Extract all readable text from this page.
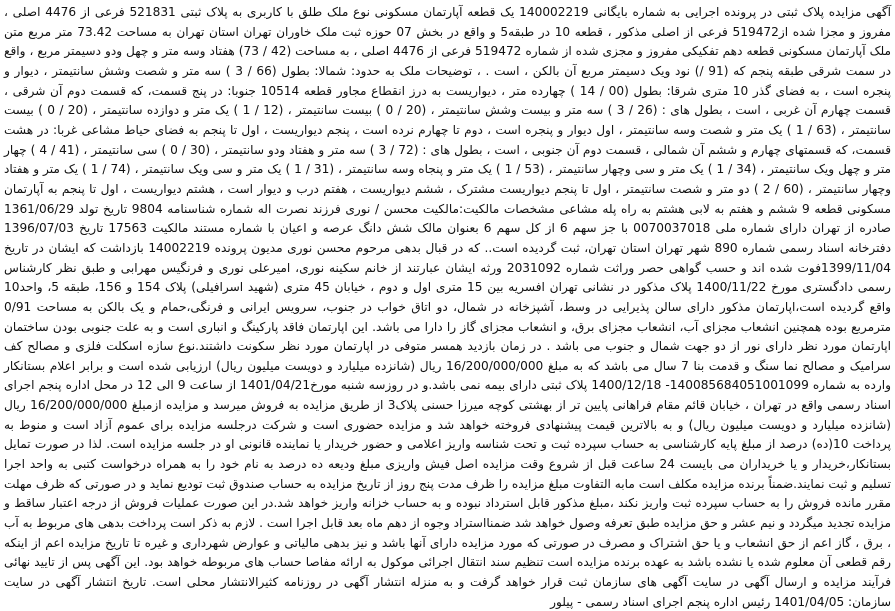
آگهی مزایده پلاک ثبتی در پرونده اجرایی به شماره بایگانی 140002219 یک قطعه آپارتمان مسکونی نوع ملک طلق با کاربری به پلاک ثبتی 521831 فرعی از 4476 اصلی ، مفروز و مجزا شده از519472 فرعی از اصلی مذکور ، قطعه 10 در طبقه5 و واقع در بخش 07 حوزه ثبت ملک خاوران تهران استان تهران به مساحت 73.42 متر مربع متن ملک آپارتمان مسکونی قطعه دهم تفکیکی مفروز و مجزی شده از شماره 519472 فرعی از 4476 اصلی ، به مساحت (42 / 73) هفتاد وسه متر و چهل ودو دسیمتر مربع ، واقع در سمت شرقی طبقه پنجم که (91 /) نود ویک دسیمتر مربع آن بالکن ، است . ، توضیحات ملک به حدود: شمالا: بطول (66 / 3 ) سه متر و شصت وشش سانتیمتر ، دیوار و پنجره است ، به فضای گذر 10 متری شرقا: بطول (00 / 14 ) چهارده متر ، دیواریست به درز انقطاع مجاور قطعه 10514 جنوبا: در پنج قسمت، که قسمت دوم آن شرقی ، قسمت چهارم آن غربی ، است ، بطول های : (26 / 3 ) سه متر و بیست وشش سانتیمتر ، (20 / 0 ) بیست سانتیمتر ، (12 / 1 ) یک متر و دوازده سانتیمتر ، (20 / 0 ) بیست سانتیمتر ، (63 / 1 ) یک متر و شصت وسه سانتیمتر ، اول دیوار و پنجره است ، دوم تا چهارم نرده است ، پنجم دیواریست ، اول تا پنجم به فضای حیاط مشاعی غربا: در هشت قسمت، که قسمتهای چهارم و ششم آن شمالی ، قسمت دوم آن جنوبی ، است ، بطول های : (72 / 3 ) سه متر و هفتاد ودو سانتیمتر ، (30 / 0 ) سی سانتیمتر ، (41 / 4 ) چهار متر و چهل ویک سانتیمتر ، (34 / 1 ) یک متر و سی وچهار سانتیمتر ، (53 / 1 ) یک متر و پنجاه وسه سانتیمتر ، (31 / 1 ) یک متر و سی ویک سانتیمتر ، (74 / 1 ) یک متر و هفتاد وچهار سانتیمتر ، (60 / 2 ) دو متر و شصت سانتیمتر ، اول تا پنجم دیواریست مشترک ، ششم دیواریست ، هفتم درب و دیوار است ، هشتم دیواریست ، اول تا پنجم به آپارتمان مسکونی قطعه 9 ششم و هفتم به لابی هشتم به راه پله مشاعی مشخصات مالکیت:مالکیت محسن / نوری فرزند نصرت اله شماره شناسنامه 9804 تاریخ تولد 1361/06/29 صادره از تهران دارای شماره ملی 0070037018 با جز سهم 6 از کل سهم 6 بعنوان مالک شش دانگ عرصه و اعیان با شماره مستند مالکیت 17563 تاریخ 1396/07/03 دفترخانه اسناد رسمی شماره 890 شهر تهران استان تهران، ثبت گردیده است.. که در قبال بدهی مرحوم محسن نوری مدیون پرونده 14002219 بازداشت که ایشان در تاریخ 1399/11/04فوت شده اند و حسب گواهی حصر وراثت شماره 2031092 ورثه ایشان عبارتند از خانم سکینه نوری، امیرعلی نوری و فرنگیس مهرابی و طبق نظر کارشناس رسمی دادگستری مورخ 1400/11/22 پلاک مذکور در نشانی تهران افسریه بین 15 متری اول و دوم ، خیابان 45 متری (شهید اسرافیلی) پلاک 154 و 156، طبقه 5، واحد10 واقع گردیده است،اپارتمان مذکور دارای سالن پذیرایی در وسط، آشپزخانه در شمال، دو اتاق خواب در جنوب، سرویس ایرانی و فرنگی،حمام و یک بالکن به مساحت 0/91 مترمربع بوده همچنین انشعاب مجزای آب، انشعاب مجزای برق، و انشعاب مجزای گاز را دارا می باشد. این اپارتمان فاقد پارکینگ و انباری است و به علت جنوبی بودن ساختمان اپارتمان مورد نظر دارای نور از دو جهت شمال و جنوب می باشد . در زمان بازدید همسر متوفی در اپارتمان مورد نظر سکونت داشتند.نوع سازه اسکلت فلزی و مصالح کف سرامیک و مصالح نما سنگ و قدمت بنا 7 سال می باشد که به مبلغ 16/200/000/000 ریال (شانزده میلیارد و دویست میلیون ریال) ارزیابی شده است و برابر اعلام بستانکار وارده به شماره 140085684051001099- 1400/12/18 پلاک ثبتی دارای بیمه نمی باشد.و در روزسه شنبه مورخ1401/04/21 از ساعت 9 الی 12 در محل اداره پنجم اجرای اسناد رسمی واقع در تهران ، خیابان قائم مقام فراهانی پایین تر از بهشتی کوچه میرزا حسنی پلاک3 از طریق مزایده به فروش میرسد و مزایده ازمبلغ 16/200/000/000 ریال (شانزده میلیارد و دویست میلیون ریال) و به بالاترین قیمت پیشنهادی فروخته خواهد شد و مزایده حضوری است و شرکت درجلسه مزایده برای عموم آزاد است و منوط به پرداخت 10(ده) درصد از مبلغ پایه کارشناسی به حساب سپرده ثبت و تحت شناسه واریز اعلامی و حضور خریدار یا نماینده قانونی او در جلسه مزایده است. لذا در صورت تمایل بستانکار،خریدار و یا خریداران می بایست 24 ساعت قبل از شروع وقت مزایده اصل فیش واریزی مبلغ ودیعه ده درصد به نام خود را به همراه درخواست کتبی به واحد اجرا تسلیم و ثبت نمایند.ضمناً برنده مزایده مکلف است مابه التفاوت مبلغ مزایده را ظرف مدت پنج روز از تاریخ مزایده به حساب صندوق ثبت تودیع نماید و در صورتی که ظرف مهلت مقرر مانده فروش را به حساب سپرده ثبت واریز نکند ،مبلغ مذکور قابل استرداد نبوده و به حساب خزانه واریز خواهد شد.در این صورت عملیات فروش از درجه اعتبار ساقط و مزایده تجدید میگردد و نیم عشر و حق مزایده طبق تعرفه وصول خواهد شد ضمنااستراد وجوه از دهم ماه بعد قابل اجرا است . لازم به ذکر است پرداخت بدهی های مربوط به آب ، برق ، گاز اعم از حق انشعاب و یا حق اشتراک و مصرف در صورتی که مورد مزایده دارای آنها باشد و نیز بدهی مالیاتی و عوارض شهرداری و غیره تا تاریخ مزایده اعم از اینکه رقم قطعی آن معلوم شده یا نشده باشد به عهده برنده مزایده است تنظیم سند انتقال اجرائی موکول به ارائه مفاصا حساب های مربوطه خواهد بود. این آگهی پس از تایید نهائی فرآیند مزایده و ارسال آگهی در سایت آگهی های سازمان ثبت قرار خواهد گرفت و به منزله انتشار آگهی در روزنامه کثیرالانتشار محلی است. تاریخ انتشار آگهی در سایت سازمان: 1401/04/05 رئیس اداره پنجم اجرای اسناد رسمی - پیلور
